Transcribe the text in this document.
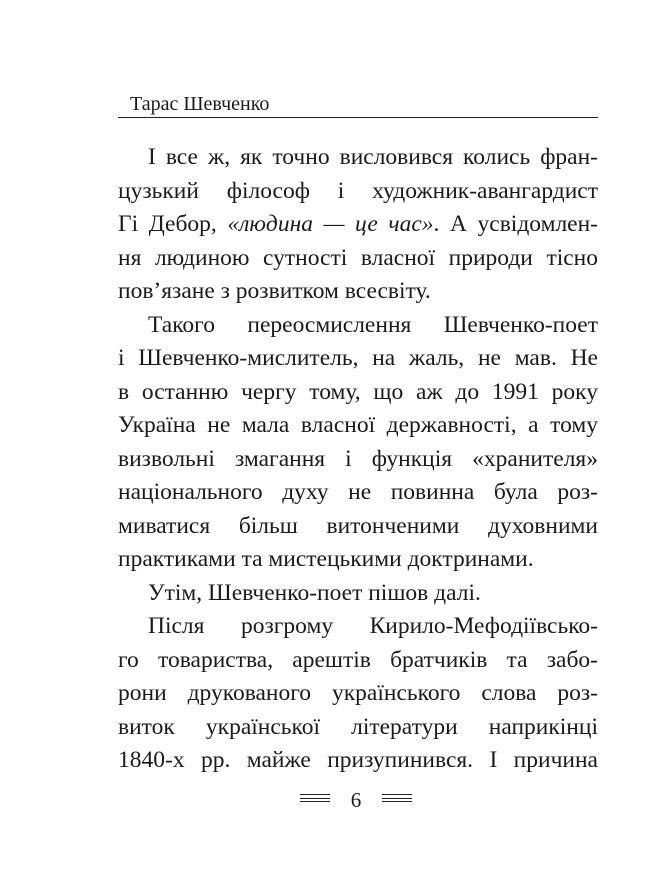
Тарас Шевченко
І все ж, як точно висловився колись фран-
цузький філософ і художник-авангардист
Гі Дебор, «людина — це час». А усвідомлен-
ня людиною сутності власної природи тісно
пов’язане з розвитком всесвіту.
Такого переосмислення Шевченко-поет
і Шевченко-мислитель, на жаль, не мав. Не
в останню чергу тому, що аж до 1991 року
Україна не мала власної державності, а тому
визвольні змагання і функція «хранителя»
національного духу не повинна була роз-
миватися більш витонченими духовними
практиками та мистецькими доктринами.
Утім, Шевченко-поет пішов далі.
Після розгрому Кирило-Мефодіївсько-
го товариства, арештів братчиків та забо-
рони друкованого українського слова роз-
виток української літератури наприкінці
1840-х рр. майже призупинився. І причина
6
